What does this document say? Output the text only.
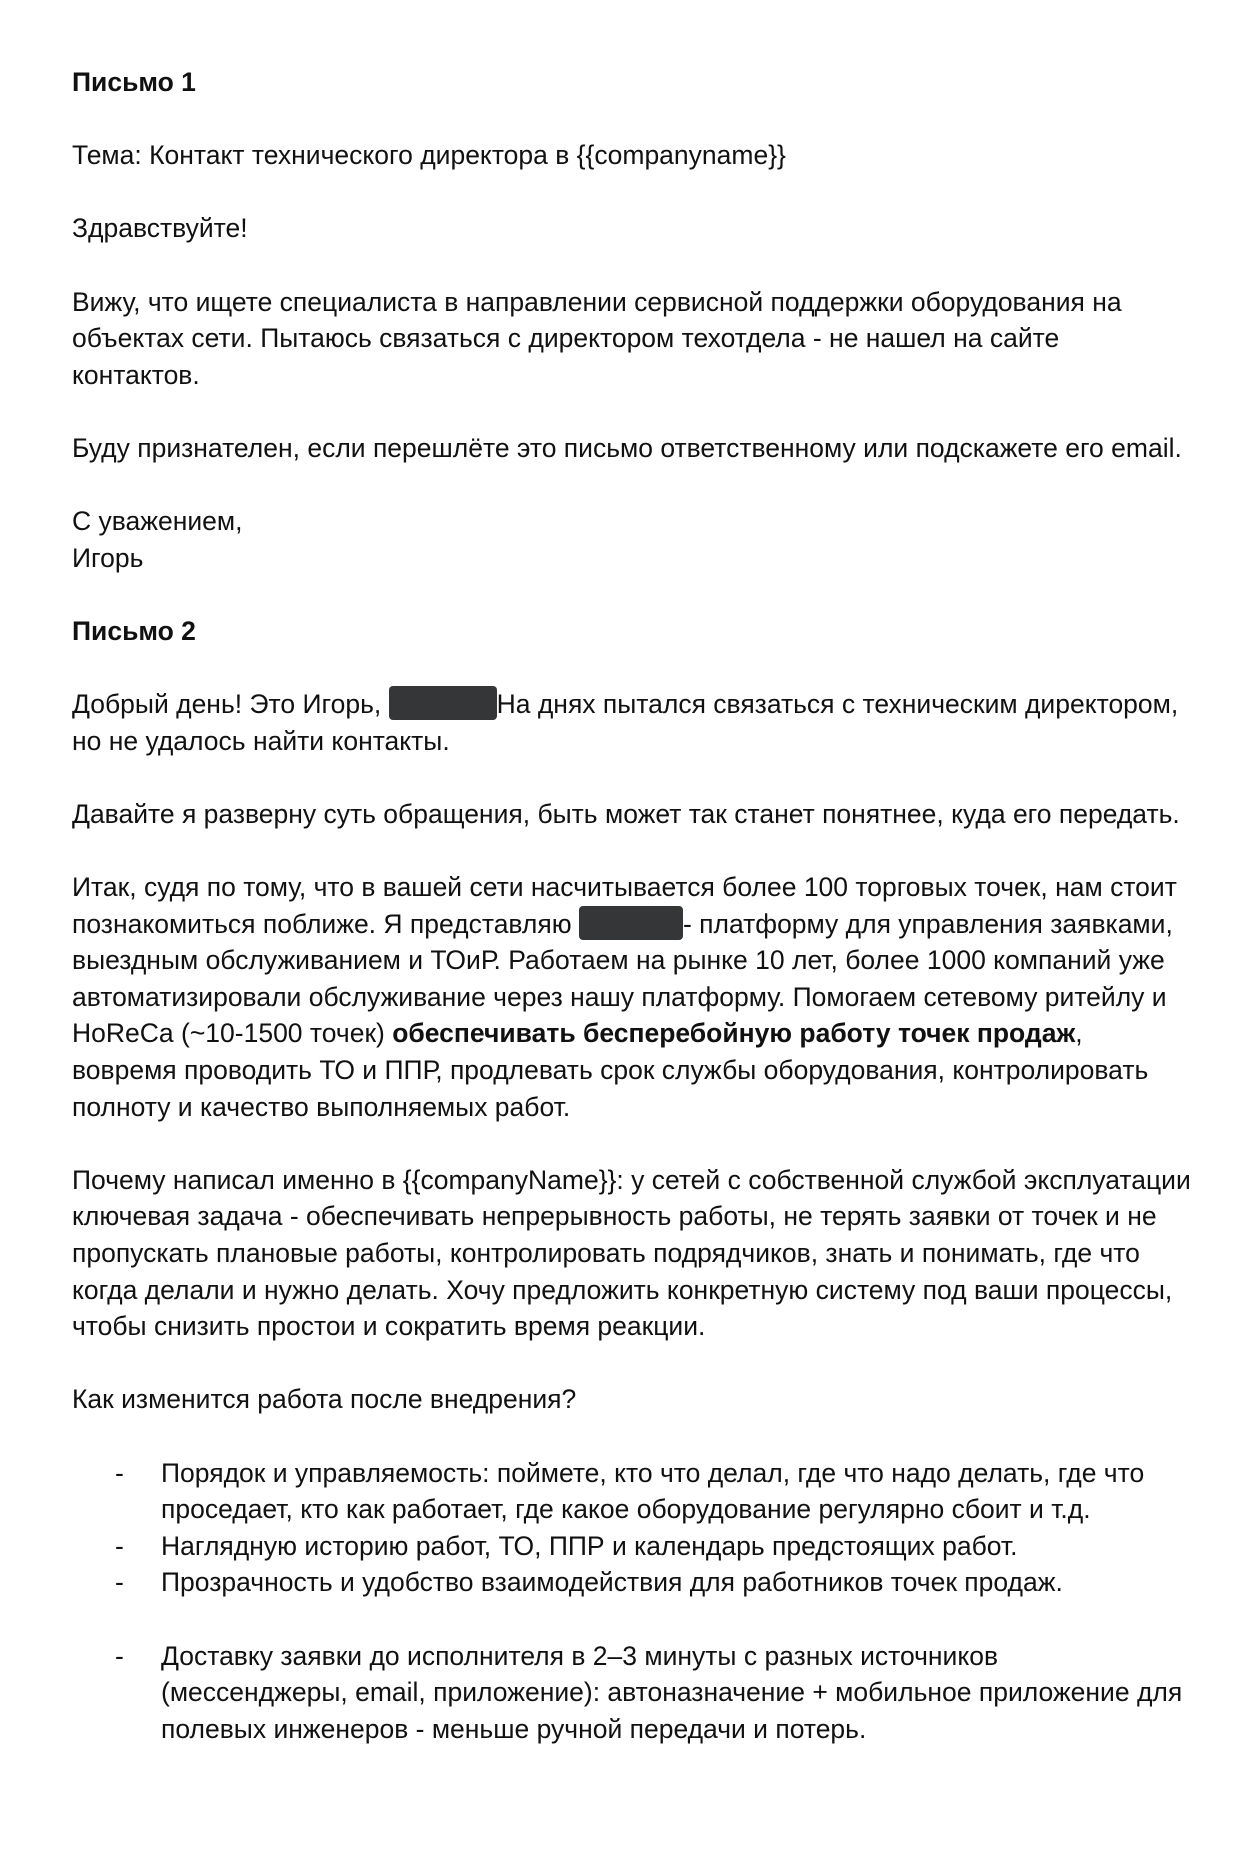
Письмо 1

Тема: Контакт технического директора в {{companyname}}

Здравствуйте!

Вижу, что ищете специалиста в направлении сервисной поддержки оборудования на объектах сети. Пытаюсь связаться с директором техотдела - не нашел на сайте контактов.

Буду признателен, если перешлёте это письмо ответственному или подскажете его email.

С уважением,
Игорь

Письмо 2

Добрый день! Это Игорь,	На днях пытался связаться с техническим директором, но не удалось найти контакты.

Давайте я разверну суть обращения, быть может так станет понятнее, куда его передать.

Итак, судя по тому, что в вашей сети насчитывается более 100 торговых точек, нам стоит познакомиться поближе. Я представляю	- платформу для управления заявками, выездным обслуживанием и ТОиР. Работаем на рынке 10 лет, более 1000 компаний уже автоматизировали обслуживание через нашу платформу. Помогаем сетевому ритейлу и HoReCa (~10-1500 точек) обеспечивать бесперебойную работу точек продаж, вовремя проводить ТО и ППР, продлевать срок службы оборудования, контролировать полноту и качество выполняемых работ.

Почему написал именно в {{companyName}}: у сетей с собственной службой эксплуатации ключевая задача - обеспечивать непрерывность работы, не терять заявки от точек и не пропускать плановые работы, контролировать подрядчиков, знать и понимать, где что когда делали и нужно делать. Хочу предложить конкретную систему под ваши процессы, чтобы снизить простои и сократить время реакции.

Как изменится работа после внедрения?

- Порядок и управляемость: поймете, кто что делал, где что надо делать, где что проседает, кто как работает, где какое оборудование регулярно сбоит и т.д.
- Наглядную историю работ, ТО, ППР и календарь предстоящих работ.
- Прозрачность и удобство взаимодействия для работников точек продаж.
- Доставку заявки до исполнителя в 2–3 минуты с разных источников (мессенджеры, email, приложение): автоназначение + мобильное приложение для полевых инженеров - меньше ручной передачи и потерь.
